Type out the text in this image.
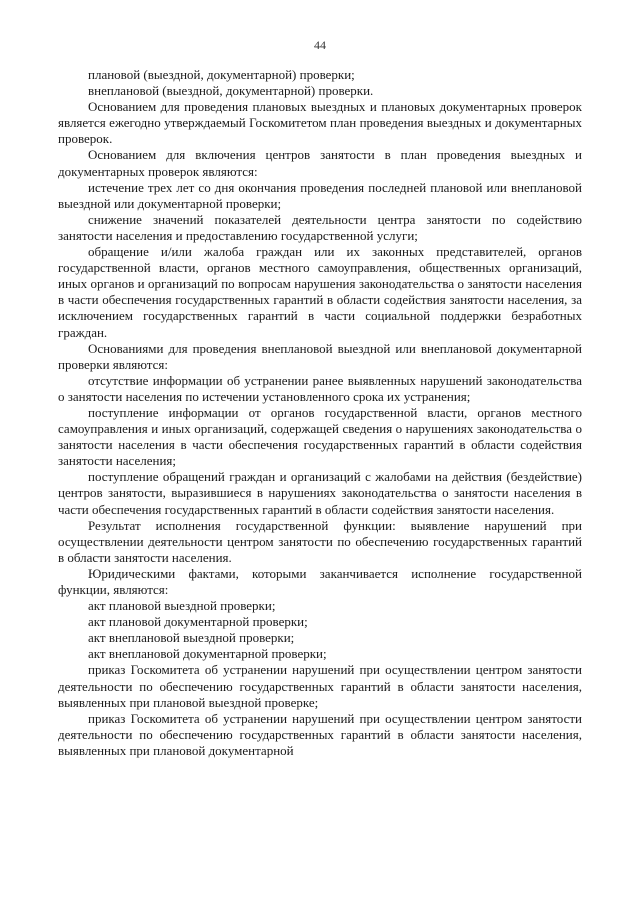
44

плановой (выездной, документарной) проверки;

внеплановой (выездной, документарной) проверки.

Основанием для проведения плановых выездных и плановых документарных проверок является ежегодно утверждаемый Госкомитетом план проведения выездных и документарных проверок.

Основанием для включения центров занятости в план проведения выездных и документарных проверок являются:

истечение трех лет со дня окончания проведения последней плановой или внеплановой выездной или документарной проверки;

снижение значений показателей деятельности центра занятости по содействию занятости населения и предоставлению государственной услуги;

обращение и/или жалоба граждан или их законных представителей, органов государственной власти, органов местного самоуправления, общественных организаций, иных органов и организаций по вопросам нарушения законодательства о занятости населения в части обеспечения государственных гарантий в области содействия занятости населения, за исключением государственных гарантий в части социальной поддержки безработных граждан.

Основаниями для проведения внеплановой выездной или внеплановой документарной проверки являются:

отсутствие информации об устранении ранее выявленных нарушений законодательства о занятости населения по истечении установленного срока их устранения;

поступление информации от органов государственной власти, органов местного самоуправления и иных организаций, содержащей сведения о нарушениях законодательства о занятости населения в части обеспечения государственных гарантий в области содействия занятости населения;

поступление обращений граждан и организаций с жалобами на действия (бездействие) центров занятости, выразившиеся в нарушениях законодательства о занятости населения в части обеспечения государственных гарантий в области содействия занятости населения.

Результат исполнения государственной функции: выявление нарушений при осуществлении деятельности центром занятости по обеспечению государственных гарантий в области занятости населения.

Юридическими фактами, которыми заканчивается исполнение государственной функции, являются:

акт плановой выездной проверки;

акт плановой документарной проверки;

акт внеплановой выездной проверки;

акт внеплановой документарной проверки;

приказ Госкомитета об устранении нарушений при осуществлении центром занятости деятельности по обеспечению государственных гарантий в области занятости населения, выявленных при плановой выездной проверке;

приказ Госкомитета об устранении нарушений при осуществлении центром занятости деятельности по обеспечению государственных гарантий в области занятости населения, выявленных при плановой документарной
